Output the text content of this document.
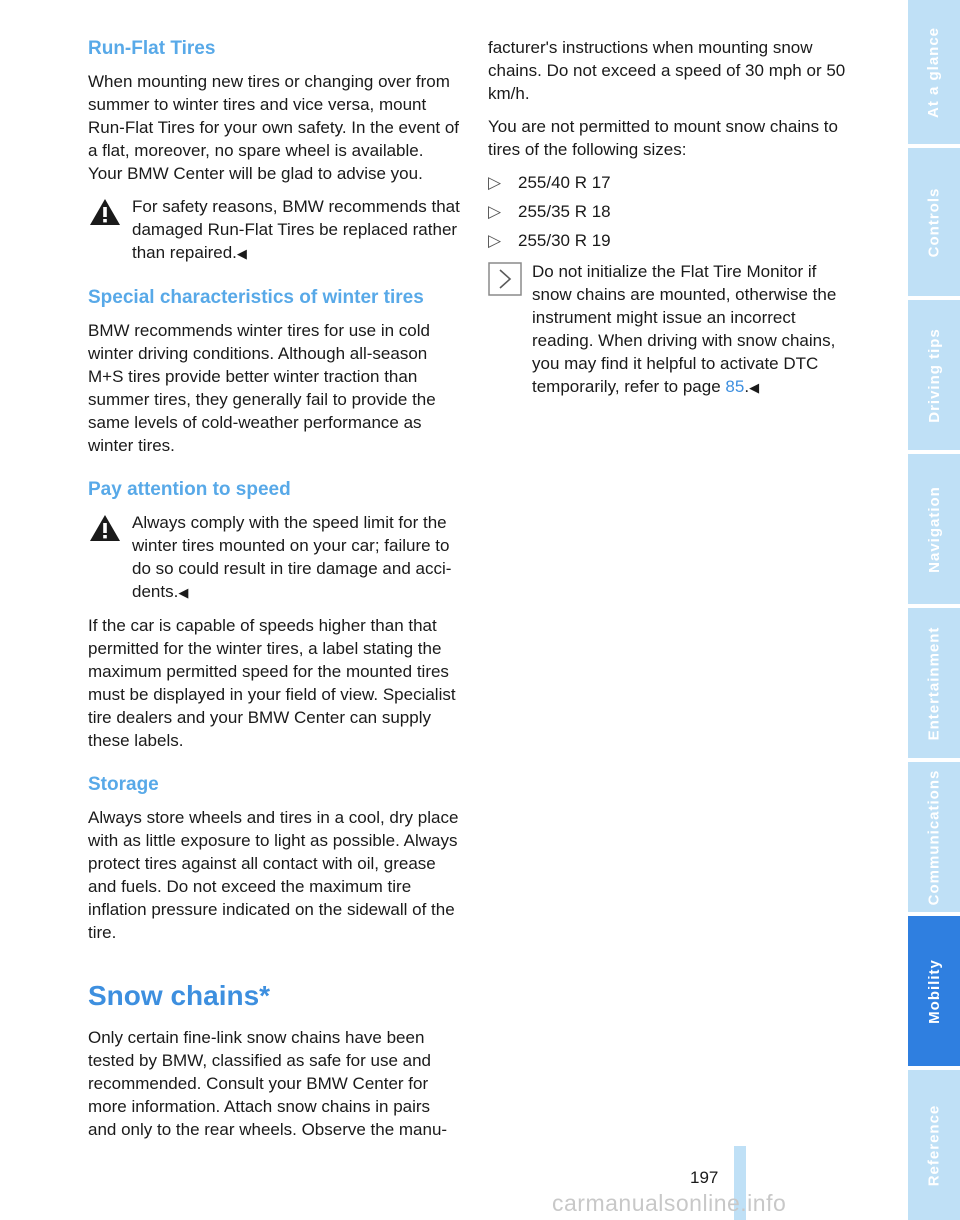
Run-Flat Tires

When mounting new tires or changing over from summer to winter tires and vice versa, mount Run-Flat Tires for your own safety. In the event of a flat, moreover, no spare wheel is available. Your BMW Center will be glad to advise you.

For safety reasons, BMW recommends that damaged Run-Flat Tires be replaced rather than repaired.◀

Special characteristics of winter tires

BMW recommends winter tires for use in cold winter driving conditions. Although all-season M+S tires provide better winter traction than summer tires, they generally fail to provide the same levels of cold-weather performance as winter tires.

Pay attention to speed

Always comply with the speed limit for the winter tires mounted on your car; failure to do so could result in tire damage and acci-dents.◀

If the car is capable of speeds higher than that permitted for the winter tires, a label stating the maximum permitted speed for the mounted tires must be displayed in your field of view. Specialist tire dealers and your BMW Center can supply these labels.

Storage

Always store wheels and tires in a cool, dry place with as little exposure to light as possible. Always protect tires against all contact with oil, grease and fuels. Do not exceed the maximum tire inflation pressure indicated on the sidewall of the tire.

Snow chains*

Only certain fine-link snow chains have been tested by BMW, classified as safe for use and recommended. Consult your BMW Center for more information. Attach snow chains in pairs and only to the rear wheels. Observe the manu-

facturer's instructions when mounting snow chains. Do not exceed a speed of 30 mph or 50 km/h.

You are not permitted to mount snow chains to tires of the following sizes:

▷ 255/40 R 17
▷ 255/35 R 18
▷ 255/30 R 19

Do not initialize the Flat Tire Monitor if snow chains are mounted, otherwise the instrument might issue an incorrect reading. When driving with snow chains, you may find it helpful to activate DTC temporarily, refer to page 85.◀

At a glance
Controls
Driving tips
Navigation
Entertainment
Communications
Mobility
Reference
197
carmanualsonline.info
